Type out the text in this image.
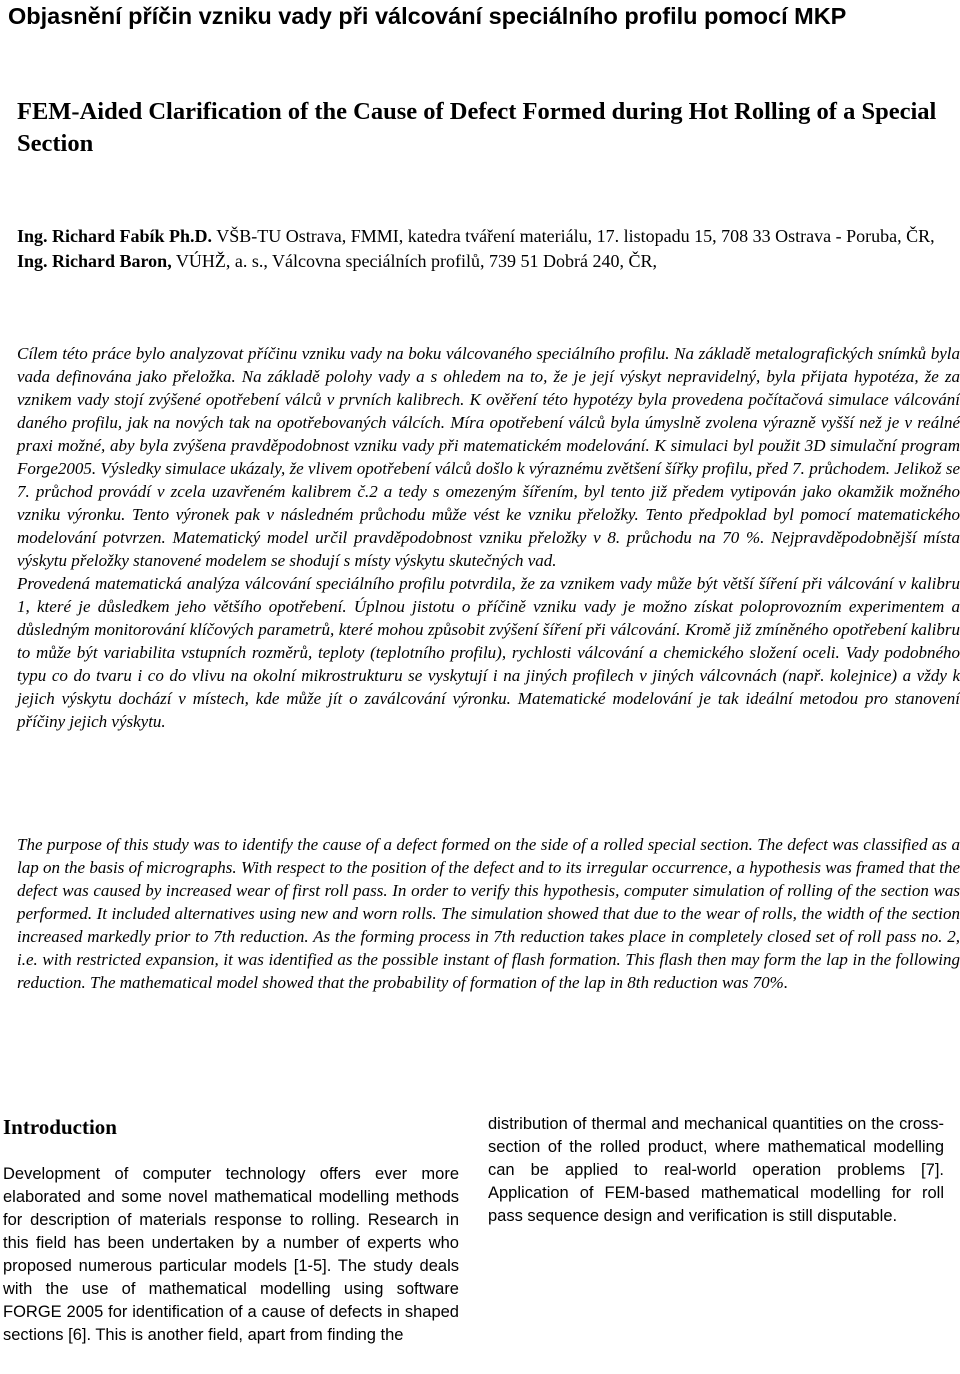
Objasnění příčin vzniku vady při válcování speciálního profilu pomocí MKP
FEM-Aided Clarification of the Cause of Defect Formed during Hot Rolling of a Special Section

Ing. Richard Fabík Ph.D. VŠB-TU Ostrava, FMMI, katedra tváření materiálu, 17. listopadu 15, 708 33 Ostrava - Poruba, ČR, Ing. Richard Baron, VÚHŽ, a. s., Válcovna speciálních profilů, 739 51 Dobrá 240, ČR,

Cílem této práce bylo analyzovat příčinu vzniku vady na boku válcovaného speciálního profilu. Na základě metalografických snímků byla vada definována jako přeložka. Na základě polohy vady a s ohledem na to, že je její výskyt nepravidelný, byla přijata hypotéza, že za vznikem vady stojí zvýšené opotřebení válců v prvních kalibrech. K ověření této hypotézy byla provedena počítačová simulace válcování daného profilu, jak na nových tak na opotřebovaných válcích. Míra opotřebení válců byla úmyslně zvolena výrazně vyšší než je v reálné praxi možné, aby byla zvýšena pravděpodobnost vzniku vady při matematickém modelování. K simulaci byl použit 3D simulační program Forge2005. Výsledky simulace ukázaly, že vlivem opotřebení válců došlo k výraznému zvětšení šířky profilu, před 7. průchodem. Jelikož se 7. průchod provádí v zcela uzavřeném kalibrem č.2 a tedy s omezeným šířením, byl tento již předem vytipován jako okamžik možného vzniku výronku. Tento výronek pak v následném průchodu může vést ke vzniku přeložky. Tento předpoklad byl pomocí matematického modelování potvrzen. Matematický model určil pravděpodobnost vzniku přeložky v 8. průchodu na 70 %. Nejpravděpodobnější místa výskytu přeložky stanovené modelem se shodují s místy výskytu skutečných vad.

Provedená matematická analýza válcování speciálního profilu potvrdila, že za vznikem vady může být větší šíření při válcování v kalibru 1, které je důsledkem jeho většího opotřebení. Úplnou jistotu o příčině vzniku vady je možno získat poloprovozním experimentem a důsledným monitorování klíčových parametrů, které mohou způsobit zvýšení šíření při válcování. Kromě již zmíněného opotřebení kalibru to může být variabilita vstupních rozměrů, teploty (teplotního profilu), rychlosti válcování a chemického složení oceli. Vady podobného typu co do tvaru i co do vlivu na okolní mikrostrukturu se vyskytují i na jiných profilech v jiných válcovnách (např. kolejnice) a vždy k jejich výskytu dochází v místech, kde může jít o zaválcování výronku. Matematické modelování je tak ideální metodou pro stanovení příčiny jejich výskytu.

The purpose of this study was to identify the cause of a defect formed on the side of a rolled special section. The defect was classified as a lap on the basis of micrographs. With respect to the position of the defect and to its irregular occurrence, a hypothesis was framed that the defect was caused by increased wear of first roll pass. In order to verify this hypothesis, computer simulation of rolling of the section was performed. It included alternatives using new and worn rolls. The simulation showed that due to the wear of rolls, the width of the section increased markedly prior to 7th reduction. As the forming process in 7th reduction takes place in completely closed set of roll pass no. 2, i.e. with restricted expansion, it was identified as the possible instant of flash formation. This flash then may form the lap in the following reduction. The mathematical model showed that the probability of formation of the lap in 8th reduction was 70%.

Introduction

Development of computer technology offers ever more elaborated and some novel mathematical modelling methods for description of materials response to rolling. Research in this field has been undertaken by a number of experts who proposed numerous particular models [1-5]. The study deals with the use of mathematical modelling using software FORGE 2005 for identification of a cause of defects in shaped sections [6]. This is another field, apart from finding the

distribution of thermal and mechanical quantities on the cross-section of the rolled product, where mathematical modelling can be applied to real-world operation problems [7]. Application of FEM-based mathematical modelling for roll pass sequence design and verification is still disputable.
